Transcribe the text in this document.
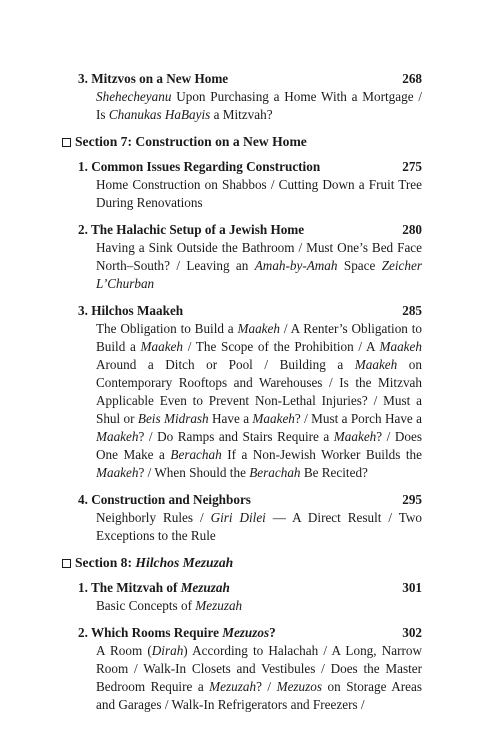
3. Mitzvos on a New Home	268
Shehecheyanu Upon Purchasing a Home With a Mortgage / Is Chanukas HaBayis a Mitzvah?
Section 7: Construction on a New Home
1. Common Issues Regarding Construction	275
Home Construction on Shabbos / Cutting Down a Fruit Tree During Renovations
2. The Halachic Setup of a Jewish Home	280
Having a Sink Outside the Bathroom / Must One’s Bed Face North–South? / Leaving an Amah-by-Amah Space Zeicher L’Churban
3. Hilchos Maakeh	285
The Obligation to Build a Maakeh / A Renter’s Obligation to Build a Maakeh / The Scope of the Prohibition / A Maakeh Around a Ditch or Pool / Building a Maakeh on Contemporary Rooftops and Warehouses / Is the Mitzvah Applicable Even to Prevent Non-Lethal Injuries? / Must a Shul or Beis Midrash Have a Maakeh? / Must a Porch Have a Maakeh? / Do Ramps and Stairs Require a Maakeh? / Does One Make a Berachah If a Non-Jewish Worker Builds the Maakeh? / When Should the Berachah Be Recited?
4. Construction and Neighbors	295
Neighborly Rules / Giri Dilei — A Direct Result / Two Exceptions to the Rule
Section 8: Hilchos Mezuzah
1. The Mitzvah of Mezuzah	301
Basic Concepts of Mezuzah
2. Which Rooms Require Mezuzos?	302
A Room (Dirah) According to Halachah / A Long, Narrow Room / Walk-In Closets and Vestibules / Does the Master Bedroom Require a Mezuzah? / Mezuzos on Storage Areas and Garages / Walk-In Refrigerators and Freezers /
